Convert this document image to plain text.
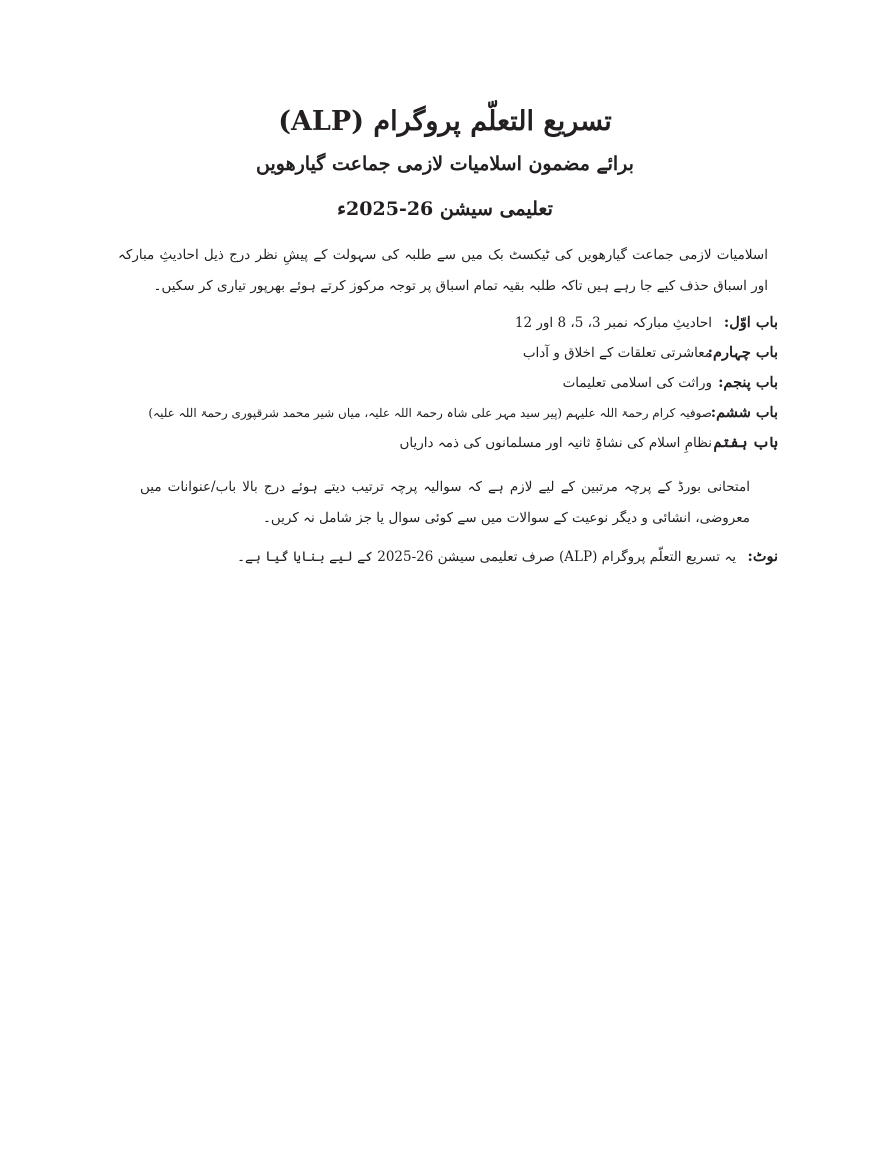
تسریع التعلّم پروگرام (ALP)
برائے مضمون اسلامیات لازمی جماعت گیارھویں
تعلیمی سیشن 26-2025ء

اسلامیات لازمی جماعت گیارھویں کی ٹیکسٹ بک میں سے طلبہ کی سہولت کے پیشِ نظر درج ذیل احادیثِ مبارکہ اور اسباق حذف کیے جا رہے ہیں تاکہ طلبہ بقیہ تمام اسباق پر توجہ مرکوز کرتے ہوئے بھرپور تیاری کر سکیں۔

باب اوّل:
احادیثِ مبارکہ نمبر 3، 5، 8 اور 12
باب چہارم:
معاشرتی تعلقات کے اخلاق و آداب
باب پنجم:
وراثت کی اسلامی تعلیمات
باب ششم:
صوفیہ کرام رحمۃ اللہ علیہم (پیر سید مہر علی شاہ رحمۃ اللہ علیہ، میاں شیر محمد شرقپوری رحمۃ اللہ علیہ)
باب ہفتم
نظامِ اسلام کی نشاۃِ ثانیہ اور مسلمانوں کی ذمہ داریاں

امتحانی بورڈ کے پرچہ مرتبین کے لیے لازم ہے کہ سوالیہ پرچہ ترتیب دیتے ہوئے درج بالا باب/عنوانات میں معروضی، انشائی و دیگر نوعیت کے سوالات میں سے کوئی سوال یا جز شامل نہ کریں۔

نوٹ:
یہ تسریع التعلّم پروگرام (ALP) صرف تعلیمی سیشن 26-2025 کے لیے بنایا گیا ہے۔
